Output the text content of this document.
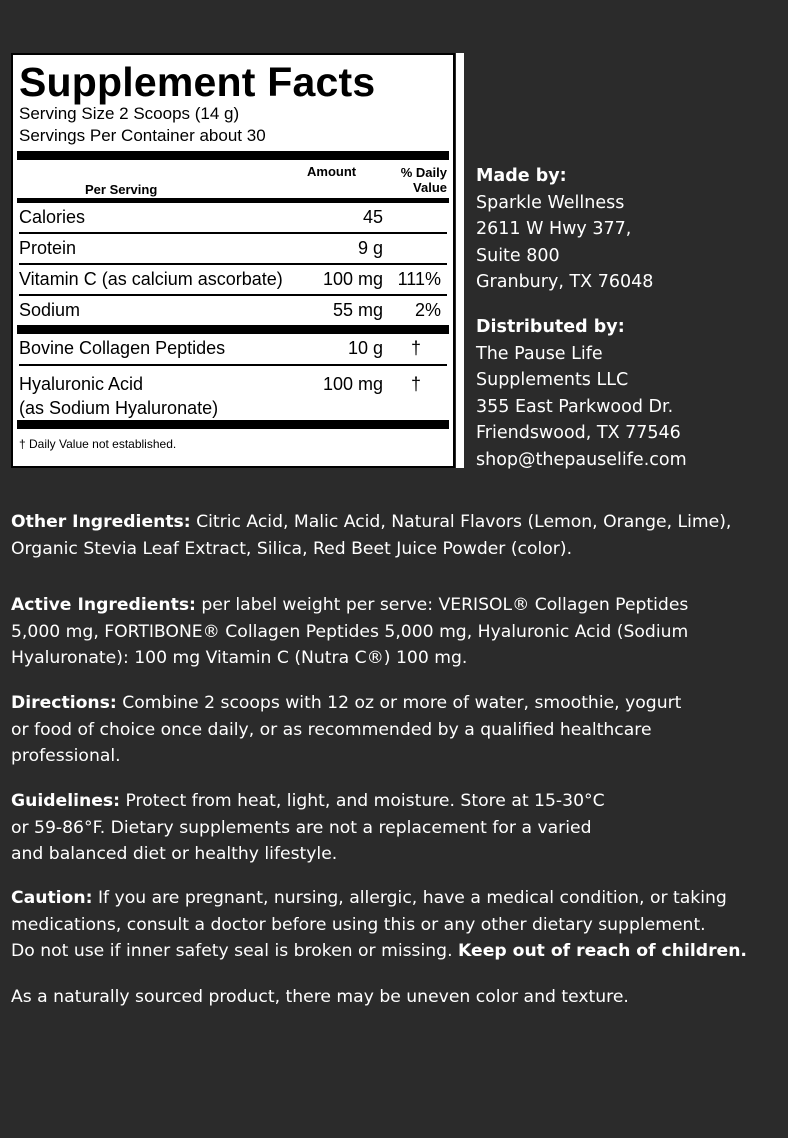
Supplement Facts
Serving Size 2 Scoops (14 g)
Servings Per Container about 30
Per Serving
Amount	% Daily
Value
Calories	45
Protein	9 g
Vitamin C (as calcium ascorbate) 100 mg 111%
Sodium	55 mg 2%
Bovine Collagen Peptides	10 g †
Hyaluronic Acid
(as Sodium Hyaluronate)
100 mg †
† Daily Value not established.
Made by:
Sparkle Wellness
2611 W Hwy 377,
Suite 800
Granbury, TX 76048
Distributed by:
The Pause Life
Supplements LLC
355 East Parkwood Dr.
Friendswood, TX 77546
shop@thepauselife.com
Other Ingredients: Citric Acid, Malic Acid, Natural Flavors (Lemon, Orange, Lime),
Organic Stevia Leaf Extract, Silica, Red Beet Juice Powder (color).
Active Ingredients: per label weight per serve: VERISOL® Collagen Peptides
5,000 mg, FORTIBONE® Collagen Peptides 5,000 mg, Hyaluronic Acid (Sodium
Hyaluronate): 100 mg Vitamin C (Nutra C®) 100 mg.
Directions: Combine 2 scoops with 12 oz or more of water, smoothie, yogurt
or food of choice once daily, or as recommended by a qualified healthcare
professional.
Guidelines: Protect from heat, light, and moisture. Store at 15-30°C
or 59-86°F. Dietary supplements are not a replacement for a varied
and balanced diet or healthy lifestyle.
Caution: If you are pregnant, nursing, allergic, have a medical condition, or taking
medications, consult a doctor before using this or any other dietary supplement.
Do not use if inner safety seal is broken or missing. Keep out of reach of children.
As a naturally sourced product, there may be uneven color and texture.
